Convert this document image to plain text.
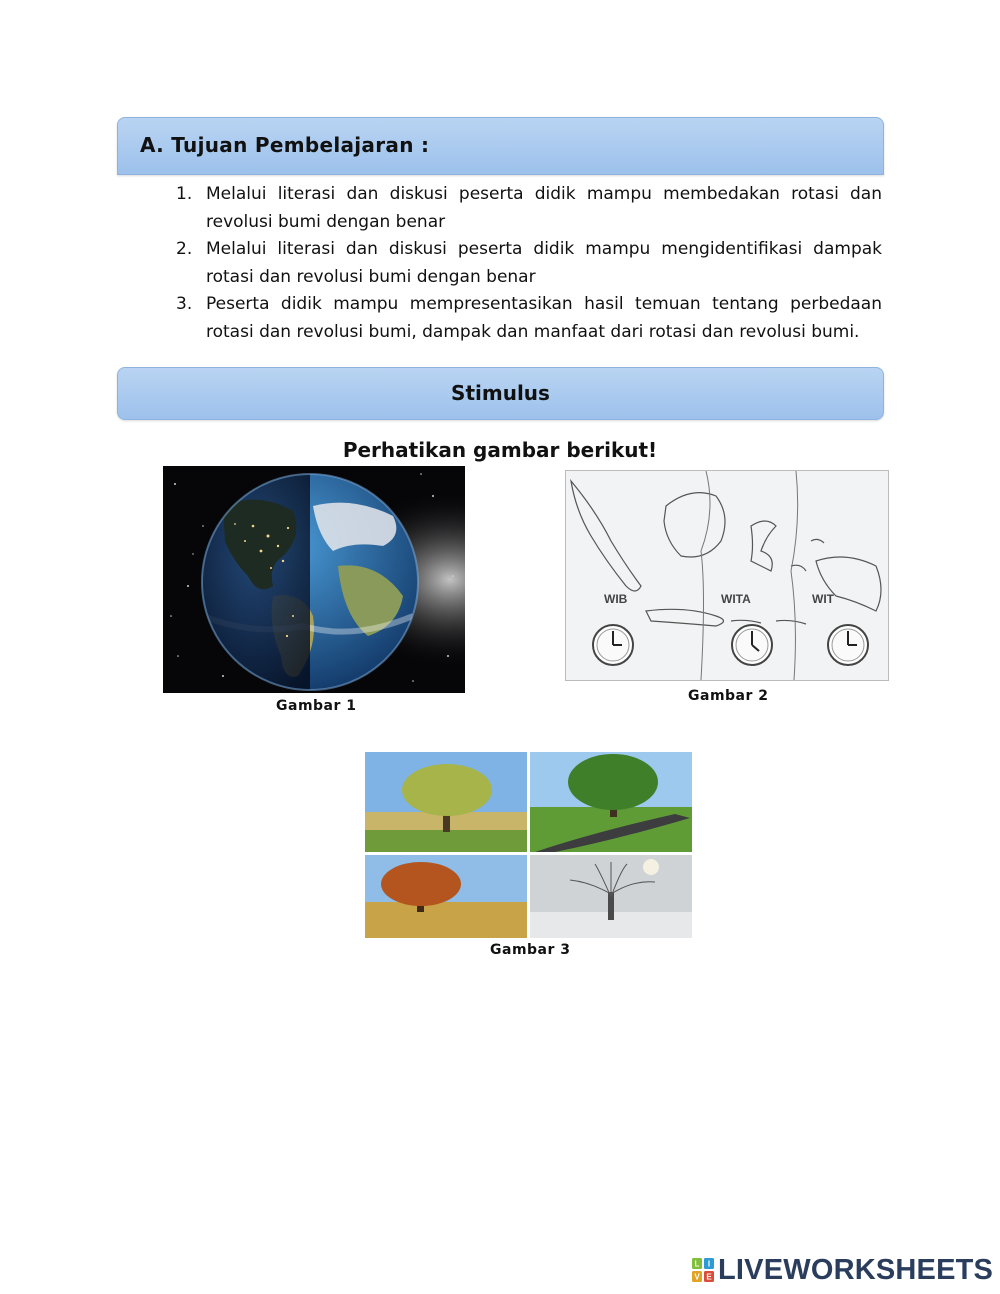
A. Tujuan Pembelajaran :
1. Melalui literasi dan diskusi peserta didik mampu membedakan rotasi dan revolusi bumi dengan benar
2. Melalui literasi dan diskusi peserta didik mampu mengidentifikasi dampak rotasi dan revolusi bumi dengan benar
3. Peserta didik mampu mempresentasikan hasil temuan tentang perbedaan rotasi dan revolusi bumi, dampak dan manfaat dari rotasi dan revolusi bumi.
Stimulus
Perhatikan gambar berikut!
Gambar 1
WIB	WITA	WIT
Gambar 2
Gambar 3
L I
V E LIVEWORKSHEETS
